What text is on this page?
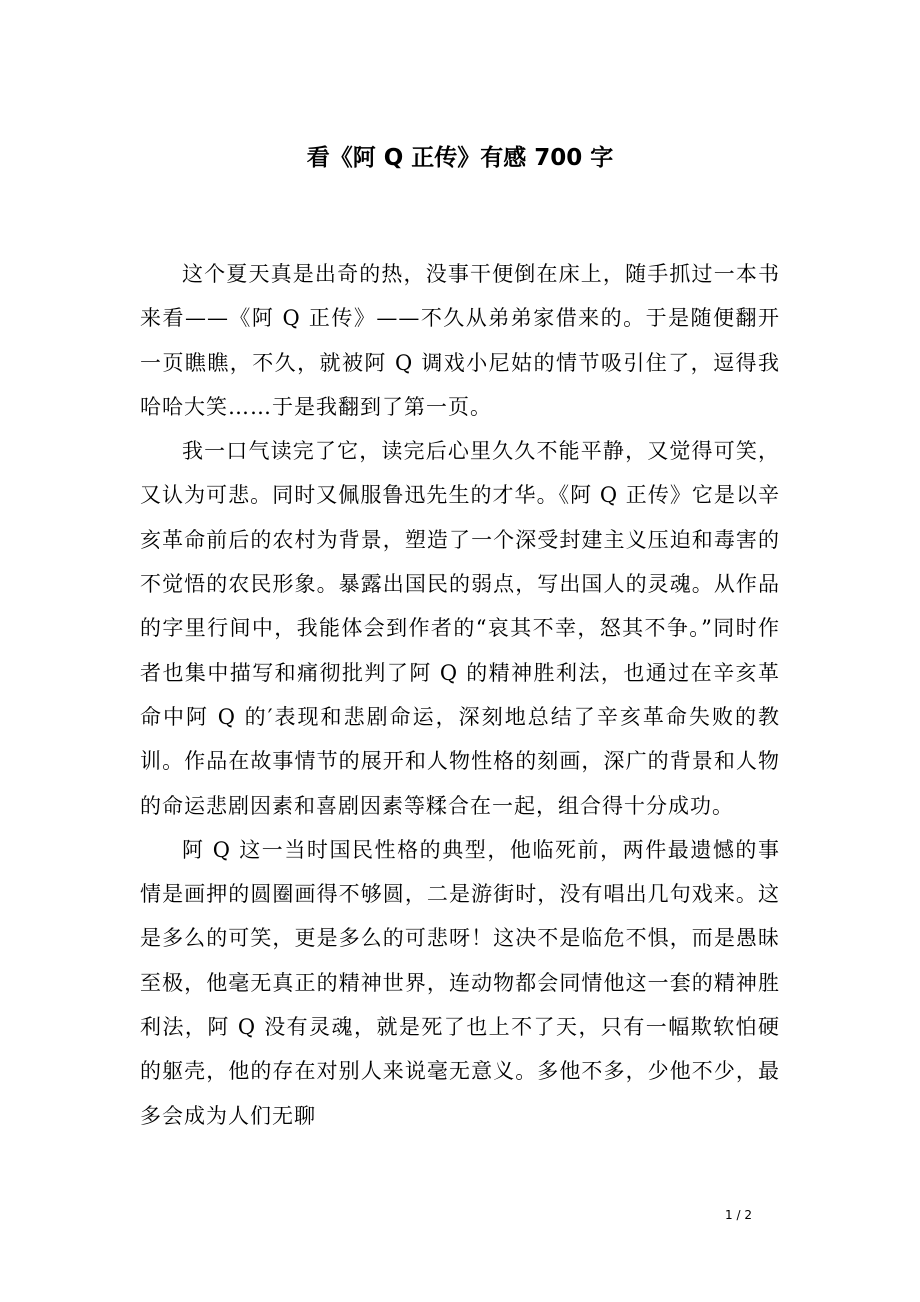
看《阿 Q 正传》有感 700 字

这个夏天真是出奇的热，没事干便倒在床上，随手抓过一本书来看——《阿 Q 正传》——不久从弟弟家借来的。于是随便翻开一页瞧瞧，不久，就被阿 Q 调戏小尼姑的情节吸引住了，逗得我哈哈大笑……于是我翻到了第一页。

我一口气读完了它，读完后心里久久不能平静，又觉得可笑，又认为可悲。同时又佩服鲁迅先生的才华。《阿 Q 正传》它是以辛亥革命前后的农村为背景，塑造了一个深受封建主义压迫和毒害的不觉悟的农民形象。暴露出国民的弱点，写出国人的灵魂。从作品的字里行间中，我能体会到作者的“哀其不幸，怒其不争。”同时作者也集中描写和痛彻批判了阿 Q 的精神胜利法，也通过在辛亥革命中阿 Q 的′表现和悲剧命运，深刻地总结了辛亥革命失败的教训。作品在故事情节的展开和人物性格的刻画，深广的背景和人物的命运悲剧因素和喜剧因素等糅合在一起，组合得十分成功。

阿 Q 这一当时国民性格的典型，他临死前，两件最遗憾的事情是画押的圆圈画得不够圆，二是游街时，没有唱出几句戏来。这是多么的可笑，更是多么的可悲呀！这决不是临危不惧，而是愚昧至极，他毫无真正的精神世界，连动物都会同情他这一套的精神胜利法，阿 Q 没有灵魂，就是死了也上不了天，只有一幅欺软怕硬的躯壳，他的存在对别人来说毫无意义。多他不多，少他不少，最多会成为人们无聊

1 / 2
